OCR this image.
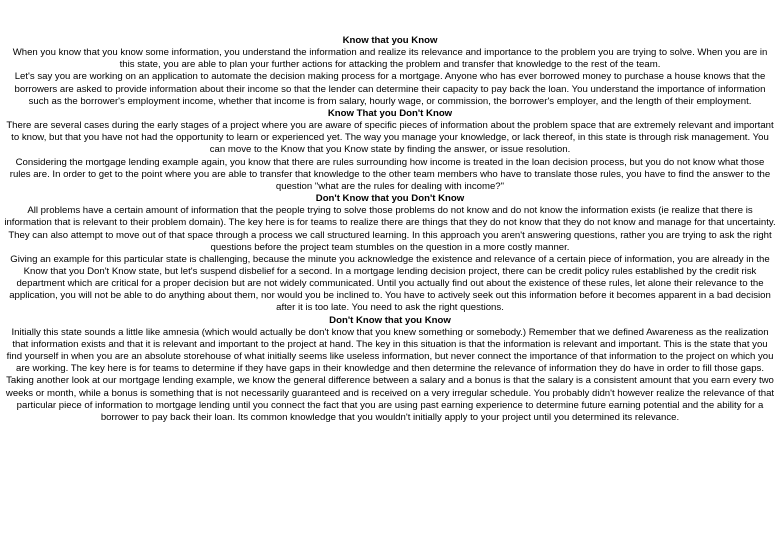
Know that you Know

When you know that you know some information, you understand the information and realize its relevance and importance to the problem you are trying to solve. When you are in this state, you are able to plan your further actions for attacking the problem and transfer that knowledge to the rest of the team.

Let's say you are working on an application to automate the decision making process for a mortgage. Anyone who has ever borrowed money to purchase a house knows that the borrowers are asked to provide information about their income so that the lender can determine their capacity to pay back the loan. You understand the importance of information such as the borrower's employment income, whether that income is from salary, hourly wage, or commission, the borrower's employer, and the length of their employment.

Know That you Don't Know

There are several cases during the early stages of a project where you are aware of specific pieces of information about the problem space that are extremely relevant and important to know, but that you have not had the opportunity to learn or experienced yet. The way you manage your knowledge, or lack thereof, in this state is through risk management. You can move to the Know that you Know state by finding the answer, or issue resolution.

Considering the mortgage lending example again, you know that there are rules surrounding how income is treated in the loan decision process, but you do not know what those rules are. In order to get to the point where you are able to transfer that knowledge to the other team members who have to translate those rules, you have to find the answer to the question "what are the rules for dealing with income?"

Don't Know that you Don't Know

All problems have a certain amount of information that the people trying to solve those problems do not know and do not know the information exists (ie realize that there is information that is relevant to their problem domain). The key here is for teams to realize there are things that they do not know that they do not know and manage for that uncertainty. They can also attempt to move out of that space through a process we call structured learning. In this approach you aren't answering questions, rather you are trying to ask the right questions before the project team stumbles on the question in a more costly manner.

Giving an example for this particular state is challenging, because the minute you acknowledge the existence and relevance of a certain piece of information, you are already in the Know that you Don't Know state, but let's suspend disbelief for a second. In a mortgage lending decision project, there can be credit policy rules established by the credit risk department which are critical for a proper decision but are not widely communicated. Until you actually find out about the existence of these rules, let alone their relevance to the application, you will not be able to do anything about them, nor would you be inclined to. You have to actively seek out this information before it becomes apparent in a bad decision after it is too late. You need to ask the right questions.

Don't Know that you Know

Initially this state sounds a little like amnesia (which would actually be don't know that you knew something or somebody.) Remember that we defined Awareness as the realization that information exists and that it is relevant and important to the project at hand. The key in this situation is that the information is relevant and important. This is the state that you find yourself in when you are an absolute storehouse of what initially seems like useless information, but never connect the importance of that information to the project on which you are working. The key here is for teams to determine if they have gaps in their knowledge and then determine the relevance of information they do have in order to fill those gaps.

Taking another look at our mortgage lending example, we know the general difference between a salary and a bonus is that the salary is a consistent amount that you earn every two weeks or month, while a bonus is something that is not necessarily guaranteed and is received on a very irregular schedule. You probably didn't however realize the relevance of that particular piece of information to mortgage lending until you connect the fact that you are using past earning experience to determine future earning potential and the ability for a borrower to pay back their loan. Its common knowledge that you wouldn't initially apply to your project until you determined its relevance.
